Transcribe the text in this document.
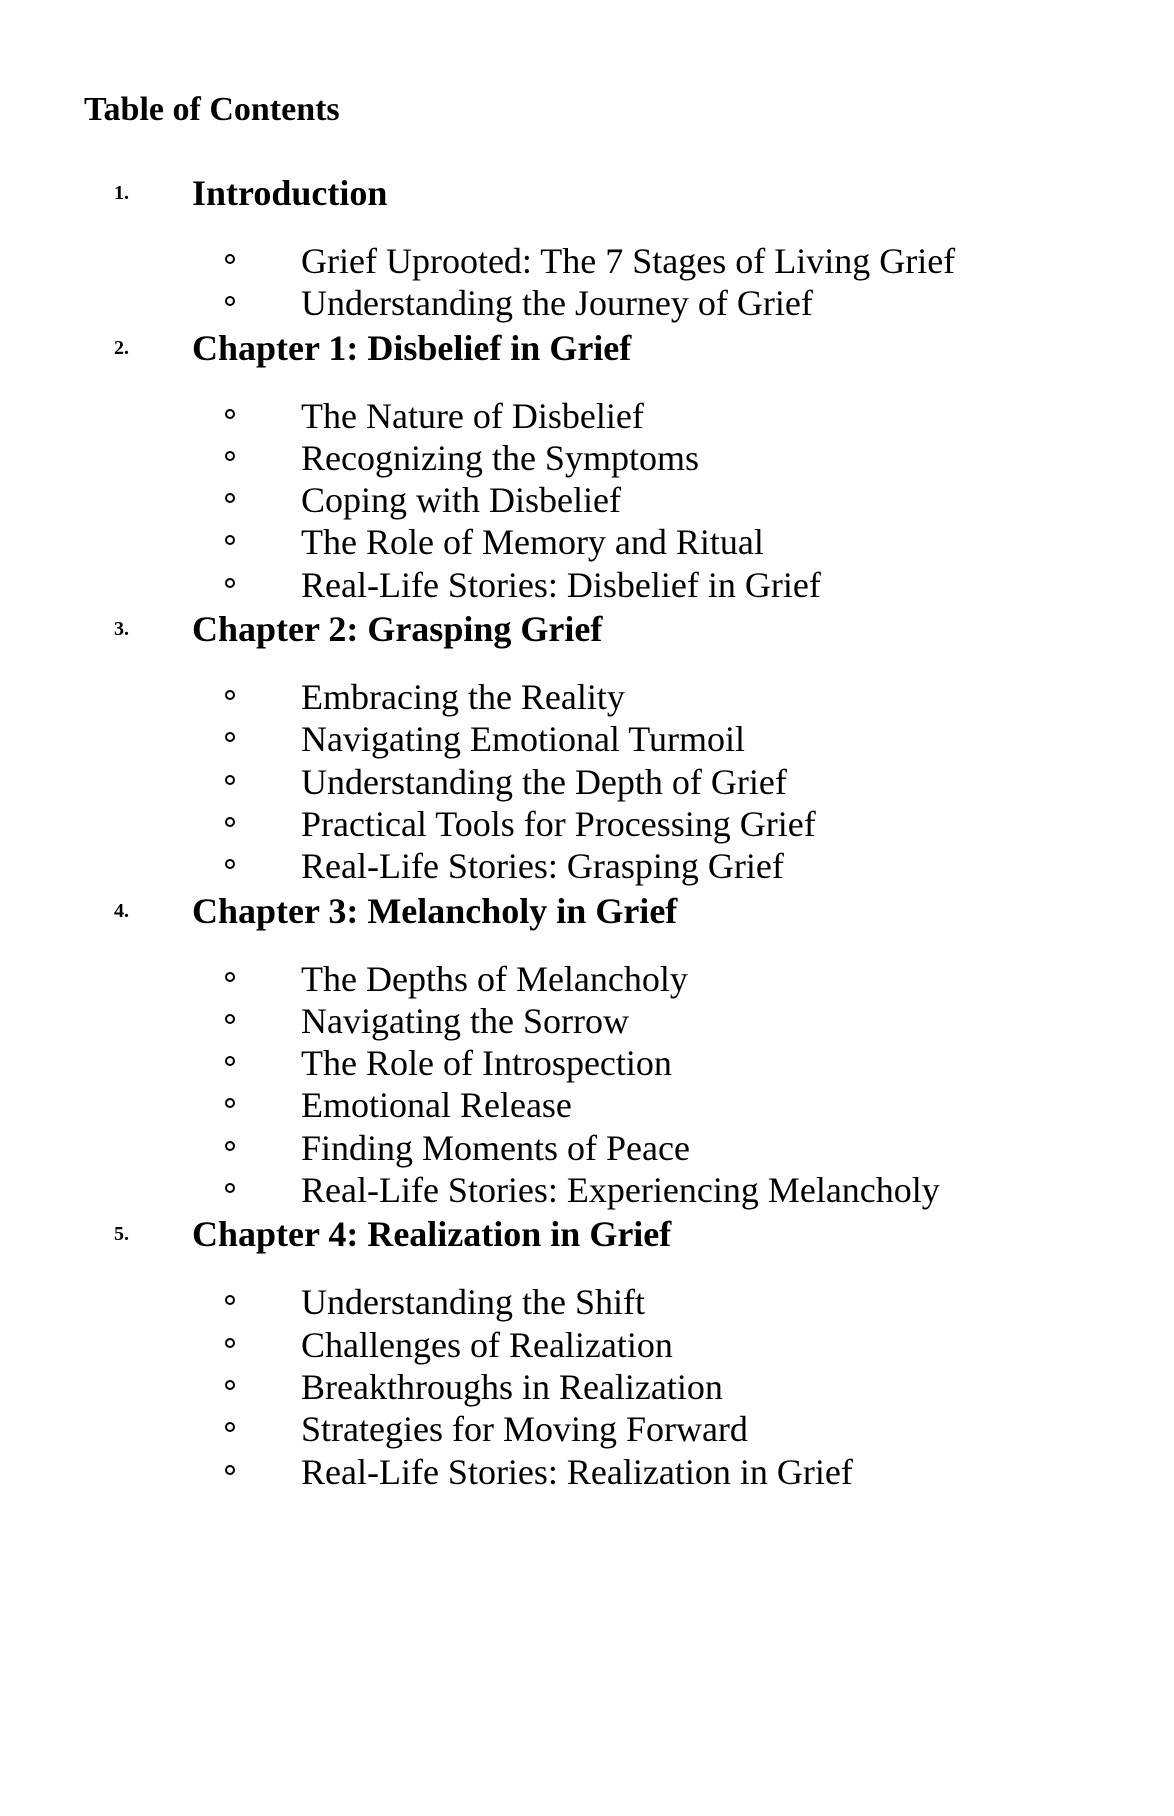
Table of Contents
1. Introduction
Grief Uprooted: The 7 Stages of Living Grief
Understanding the Journey of Grief
2. Chapter 1: Disbelief in Grief
The Nature of Disbelief
Recognizing the Symptoms
Coping with Disbelief
The Role of Memory and Ritual
Real-Life Stories: Disbelief in Grief
3. Chapter 2: Grasping Grief
Embracing the Reality
Navigating Emotional Turmoil
Understanding the Depth of Grief
Practical Tools for Processing Grief
Real-Life Stories: Grasping Grief
4. Chapter 3: Melancholy in Grief
The Depths of Melancholy
Navigating the Sorrow
The Role of Introspection
Emotional Release
Finding Moments of Peace
Real-Life Stories: Experiencing Melancholy
5. Chapter 4: Realization in Grief
Understanding the Shift
Challenges of Realization
Breakthroughs in Realization
Strategies for Moving Forward
Real-Life Stories: Realization in Grief
